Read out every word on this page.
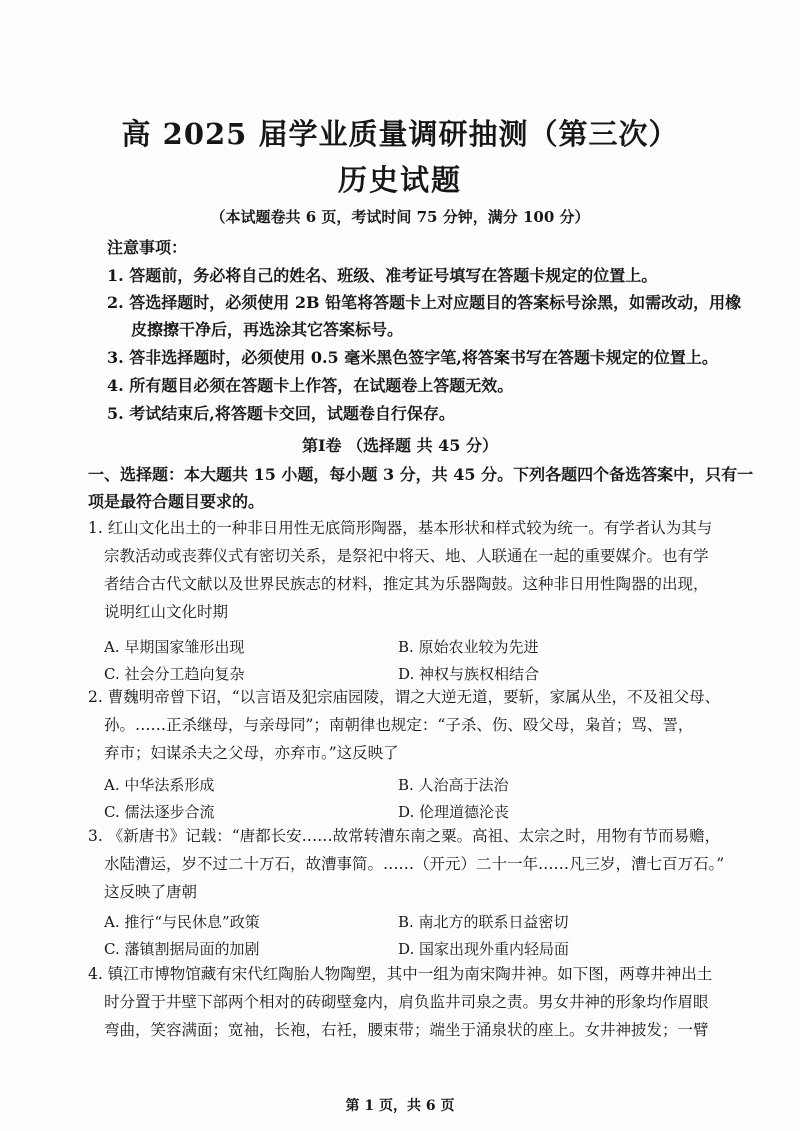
高 2025 届学业质量调研抽测（第三次）
历史试题
（本试题卷共 6 页，考试时间 75 分钟，满分 100 分）
注意事项：
1. 答题前，务必将自己的姓名、班级、准考证号填写在答题卡规定的位置上。
2. 答选择题时，必须使用 2B 铅笔将答题卡上对应题目的答案标号涂黑，如需改动，用橡
皮擦擦干净后，再选涂其它答案标号。
3. 答非选择题时，必须使用 0.5 毫米黑色签字笔,将答案书写在答题卡规定的位置上。
4. 所有题目必须在答题卡上作答，在试题卷上答题无效。
5. 考试结束后,将答题卡交回，试题卷自行保存。
第Ⅰ卷 （选择题 共 45 分）
一、选择题：本大题共 15 小题，每小题 3 分，共 45 分。下列各题四个备选答案中，只有一
项是最符合题目要求的。
1. 红山文化出土的一种非日用性无底筒形陶器，基本形状和样式较为统一。有学者认为其与
宗教活动或丧葬仪式有密切关系，是祭祀中将天、地、人联通在一起的重要媒介。也有学
者结合古代文献以及世界民族志的材料，推定其为乐器陶鼓。这种非日用性陶器的出现，
说明红山文化时期
A. 早期国家雏形出现	B. 原始农业较为先进
C. 社会分工趋向复杂	D. 神权与族权相结合
2. 曹魏明帝曾下诏，“以言语及犯宗庙园陵，谓之大逆无道，要斩，家属从坐，不及祖父母、
孙。……正杀继母，与亲母同”；南朝律也规定：“子杀、伤、殴父母，枭首；骂、詈，
弃市；妇谋杀夫之父母，亦弃市。”这反映了
A. 中华法系形成	B. 人治高于法治
C. 儒法逐步合流	D. 伦理道德沦丧
3. 《新唐书》记载：“唐都长安……故常转漕东南之粟。高祖、太宗之时，用物有节而易赡，
水陆漕运，岁不过二十万石，故漕事简。……（开元）二十一年……凡三岁，漕七百万石。”
这反映了唐朝
A. 推行“与民休息”政策	B. 南北方的联系日益密切
C. 藩镇割据局面的加剧	D. 国家出现外重内轻局面
4. 镇江市博物馆藏有宋代红陶胎人物陶塑，其中一组为南宋陶井神。如下图，两尊井神出土
时分置于井壁下部两个相对的砖砌壁龛内，肩负监井司泉之责。男女井神的形象均作眉眼
弯曲，笑容满面；宽袖，长袍，右衽，腰束带；端坐于涌泉状的座上。女井神披发；一臂
第 1 页，共 6 页
